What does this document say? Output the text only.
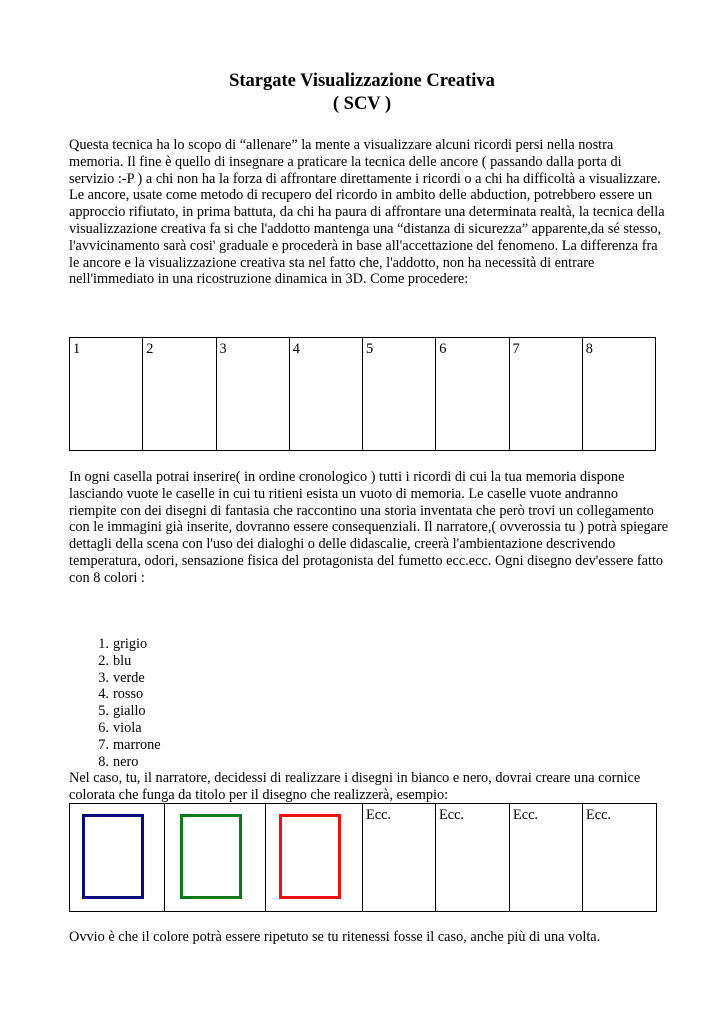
Stargate Visualizzazione Creativa
( SCV )

Questa tecnica ha lo scopo di “allenare” la mente a visualizzare alcuni ricordi persi nella nostra memoria. Il fine è quello di insegnare a praticare la tecnica delle ancore ( passando dalla porta di servizio :-P ) a chi non ha la forza di affrontare direttamente i ricordi o a chi ha difficoltà a visualizzare. Le ancore, usate come metodo di recupero del ricordo in ambito delle abduction, potrebbero essere un approccio rifiutato, in prima battuta, da chi ha paura di affrontare una determinata realtà, la tecnica della visualizzazione creativa fa si che l'addotto mantenga una “distanza di sicurezza” apparente,da sé stesso, l'avvicinamento sarà cosi' graduale e procederà in base all'accettazione del fenomeno. La differenza fra le ancore e la visualizzazione creativa sta nel fatto che, l'addotto, non ha necessità di entrare nell'immediato in una ricostruzione dinamica in 3D. Come procedere:

1	2	3	4	5	6	7	8

In ogni casella potrai inserire( in ordine cronologico ) tutti i ricordi di cui la tua memoria dispone lasciando vuote le caselle in cui tu ritieni esista un vuoto di memoria. Le caselle vuote andranno riempite con dei disegni di fantasia che raccontino una storia inventata che però trovi un collegamento con le immagini già inserite, dovranno essere consequenziali. Il narratore,( ovverossia tu ) potrà spiegare dettagli della scena con l'uso dei dialoghi o delle didascalie, creerà l'ambientazione descrivendo temperatura, odori, sensazione fisica del protagonista del fumetto ecc.ecc. Ogni disegno dev'essere fatto con 8 colori :

1. grigio
2. blu
3. verde
4. rosso
5. giallo
6. viola
7. marrone
8. nero

Nel caso, tu, il narratore, decidessi di realizzare i disegni in bianco e nero, dovrai creare una cornice colorata che funga da titolo per il disegno che realizzerà, esempio:

			Ecc.	Ecc.	Ecc.	Ecc.

Ovvio è che il colore potrà essere ripetuto se tu ritenessi fosse il caso, anche più di una volta.
